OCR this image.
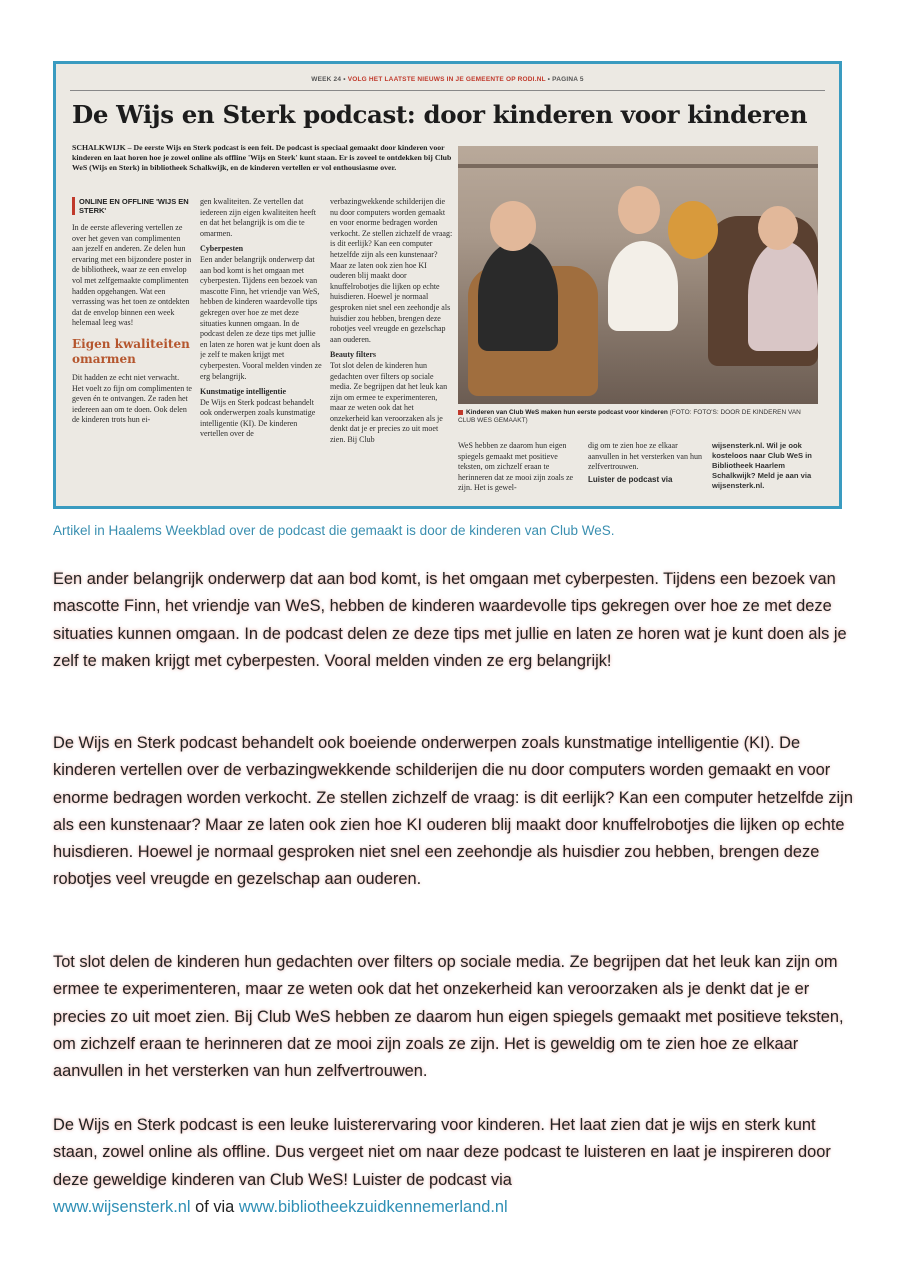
WEEK 24 • VOLG HET LAATSTE NIEUWS IN JE GEMEENTE OP RODI.NL • PAGINA 5
De Wijs en Sterk podcast: door kinderen voor kinderen
SCHALKWIJK – De eerste Wijs en Sterk podcast is een feit. De podcast is speciaal gemaakt door kinderen voor kinderen en laat horen hoe je zowel online als offline 'Wijs en Sterk' kunt staan. Er is zoveel te ontdekken bij Club WeS (Wijs en Sterk) in bibliotheek Schalkwijk, en de kinderen vertellen er vol enthousiasme over.
ONLINE EN OFFLINE 'WIJS EN STERK'
In de eerste aflevering vertellen ze over het geven van complimenten aan jezelf en anderen. Ze delen hun ervaring met een bijzondere poster in de bibliotheek, waar ze een envelop vol met zelfgemaakte complimenten hadden opgehangen. Wat een verrassing was het toen ze ontdekten dat de envelop binnen een week helemaal leeg was!
Eigen kwaliteiten omarmen
Dit hadden ze echt niet verwacht. Het voelt zo fijn om complimenten te geven én te ontvangen. Ze raden het iedereen aan om te doen. Ook delen de kinderen trots hun ei-
gen kwaliteiten. Ze vertellen dat iedereen zijn eigen kwaliteiten heeft en dat het belangrijk is om die te omarmen.
Cyberpesten
Een ander belangrijk onderwerp dat aan bod komt is het omgaan met cyberpesten. Tijdens een bezoek van mascotte Finn, het vriendje van WeS, hebben de kinderen waardevolle tips gekregen over hoe ze met deze situaties kunnen omgaan. In de podcast delen ze deze tips met jullie en laten ze horen wat je kunt doen als je zelf te maken krijgt met cyberpesten. Vooral melden vinden ze erg belangrijk.
Kunstmatige intelligentie
De Wijs en Sterk podcast behandelt ook onderwerpen zoals kunstmatige intelligentie (KI). De kinderen vertellen over de
verbazingwekkende schilderijen die nu door computers worden gemaakt en voor enorme bedragen worden verkocht. Ze stellen zichzelf de vraag: is dit eerlijk? Kan een computer hetzelfde zijn als een kunstenaar? Maar ze laten ook zien hoe KI ouderen blij maakt door knuffelrobotjes die lijken op echte huisdieren. Hoewel je normaal gesproken niet snel een zeehondje als huisdier zou hebben, brengen deze robotjes veel vreugde en gezelschap aan ouderen.
Beauty filters
Tot slot delen de kinderen hun gedachten over filters op sociale media. Ze begrijpen dat het leuk kan zijn om ermee te experimenteren, maar ze weten ook dat het onzekerheid kan veroorzaken als je denkt dat je er precies zo uit moet zien. Bij Club
Kinderen van Club WeS maken hun eerste podcast voor kinderen (FOTO: FOTO'S: DOOR DE KINDEREN VAN CLUB WES GEMAAKT)
WeS hebben ze daarom hun eigen spiegels gemaakt met positieve teksten, om zichzelf eraan te herinneren dat ze mooi zijn zoals ze zijn. Het is gewel-
dig om te zien hoe ze elkaar aanvullen in het versterken van hun zelfvertrouwen.
Luister de podcast via
wijsensterk.nl. Wil je ook kosteloos naar Club WeS in Bibliotheek Haarlem Schalkwijk? Meld je aan via wijsensterk.nl.
Artikel in Haalems Weekblad over de podcast die gemaakt is door de kinderen van Club WeS.
Een ander belangrijk onderwerp dat aan bod komt, is het omgaan met cyberpesten. Tijdens een bezoek van mascotte Finn, het vriendje van WeS, hebben de kinderen waardevolle tips gekregen over hoe ze met deze situaties kunnen omgaan. In de podcast delen ze deze tips met jullie en laten ze horen wat je kunt doen als je zelf te maken krijgt met cyberpesten. Vooral melden vinden ze erg belangrijk!
De Wijs en Sterk podcast behandelt ook boeiende onderwerpen zoals kunstmatige intelligentie (KI). De kinderen vertellen over de verbazingwekkende schilderijen die nu door computers worden gemaakt en voor enorme bedragen worden verkocht. Ze stellen zichzelf de vraag: is dit eerlijk? Kan een computer hetzelfde zijn als een kunstenaar? Maar ze laten ook zien hoe KI ouderen blij maakt door knuffelrobotjes die lijken op echte huisdieren. Hoewel je normaal gesproken niet snel een zeehondje als huisdier zou hebben, brengen deze robotjes veel vreugde en gezelschap aan ouderen.
Tot slot delen de kinderen hun gedachten over filters op sociale media. Ze begrijpen dat het leuk kan zijn om ermee te experimenteren, maar ze weten ook dat het onzekerheid kan veroorzaken als je denkt dat je er precies zo uit moet zien. Bij Club WeS hebben ze daarom hun eigen spiegels gemaakt met positieve teksten, om zichzelf eraan te herinneren dat ze mooi zijn zoals ze zijn. Het is geweldig om te zien hoe ze elkaar aanvullen in het versterken van hun zelfvertrouwen.
De Wijs en Sterk podcast is een leuke luisterervaring voor kinderen. Het laat zien dat je wijs en sterk kunt staan, zowel online als offline. Dus vergeet niet om naar deze podcast te luisteren en laat je inspireren door deze geweldige kinderen van Club WeS! Luister de podcast via
www.wijsensterk.nl of via www.bibliotheekzuidkennemerland.nl
